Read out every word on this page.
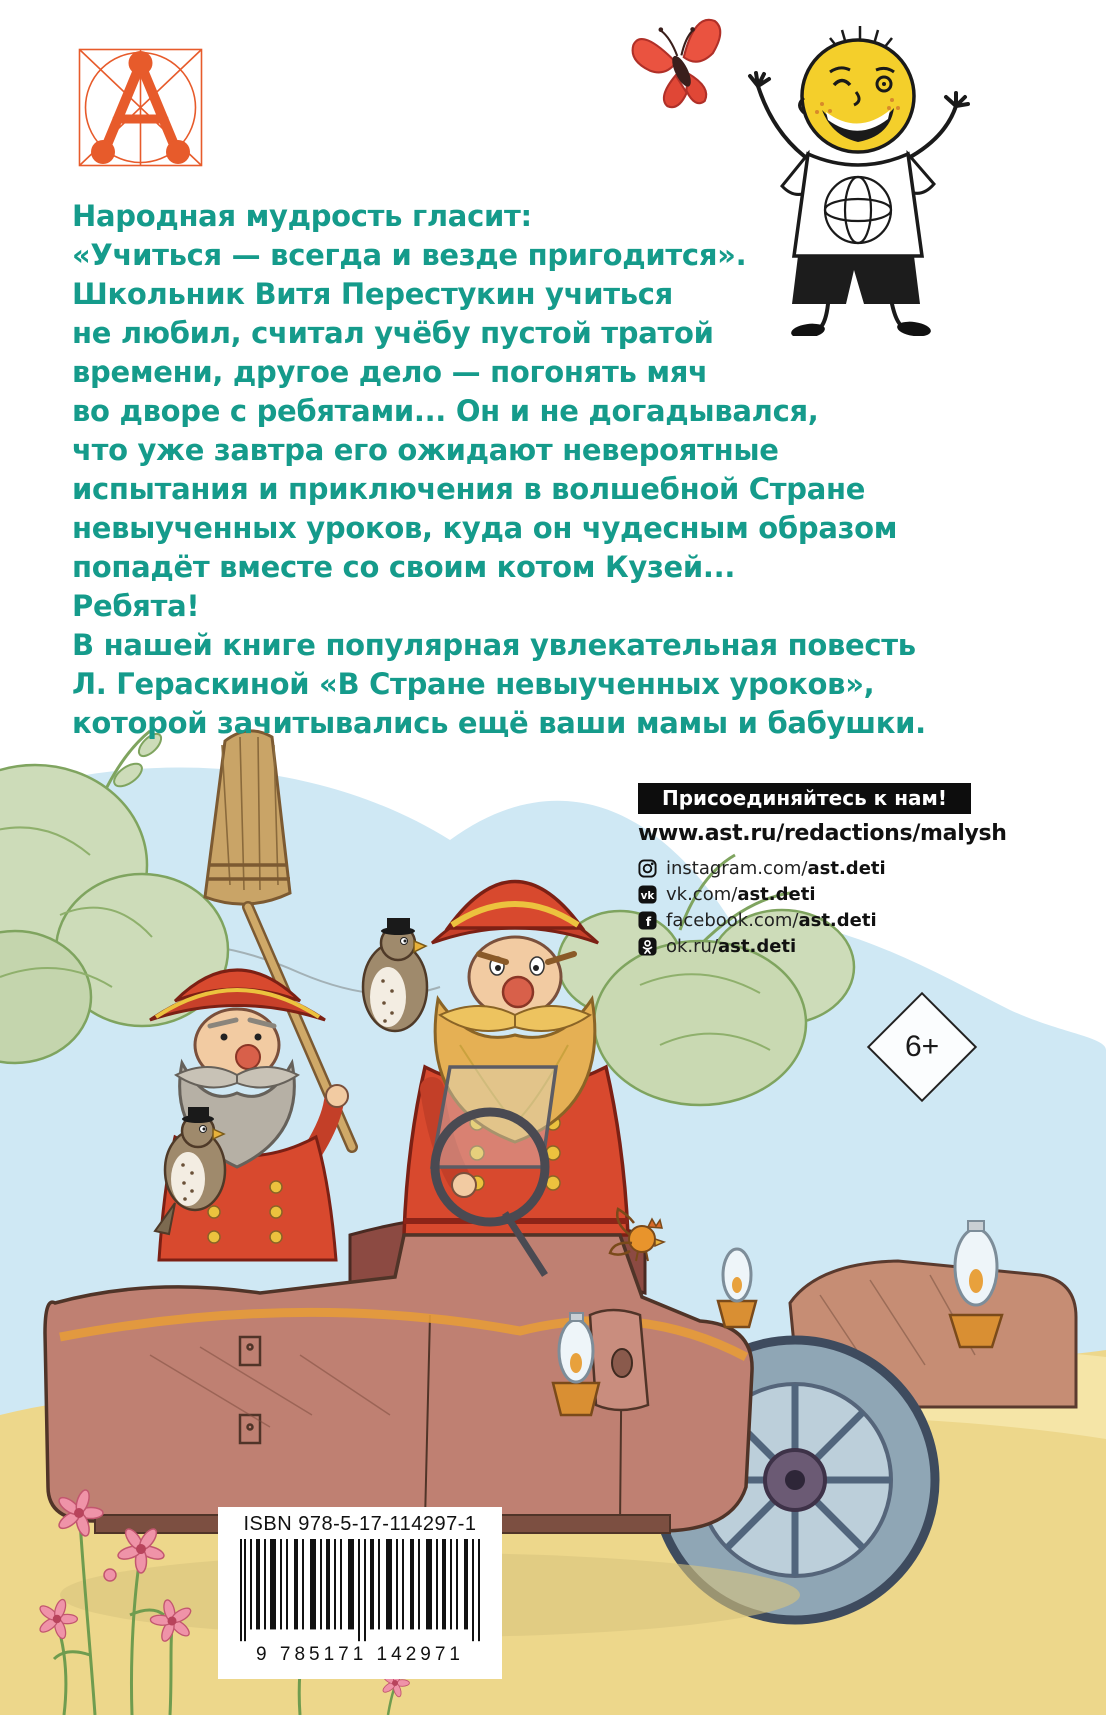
Народная мудрость гласит:
«Учиться — всегда и везде пригодится».
Школьник Витя Перестукин учиться
не любил, считал учёбу пустой тратой
времени, другое дело — погонять мяч
во дворе с ребятами... Он и не догадывался,
что уже завтра его ожидают невероятные
испытания и приключения в волшебной Стране
невыученных уроков, куда он чудесным образом
попадёт вместе со своим котом Кузей...
Ребята!
В нашей книге популярная увлекательная повесть
Л. Гераскиной «В Стране невыученных уроков»,
которой зачитывались ещё ваши мамы и бабушки.
Присоединяйтесь к нам!
www.ast.ru/redactions/malysh
instagram.com/ast.deti
vk vk.com/ast.deti
f facebook.com/ast.deti
ok.ru/ast.deti
6+
ISBN 978-5-17-114297-1
9 785171 142971
